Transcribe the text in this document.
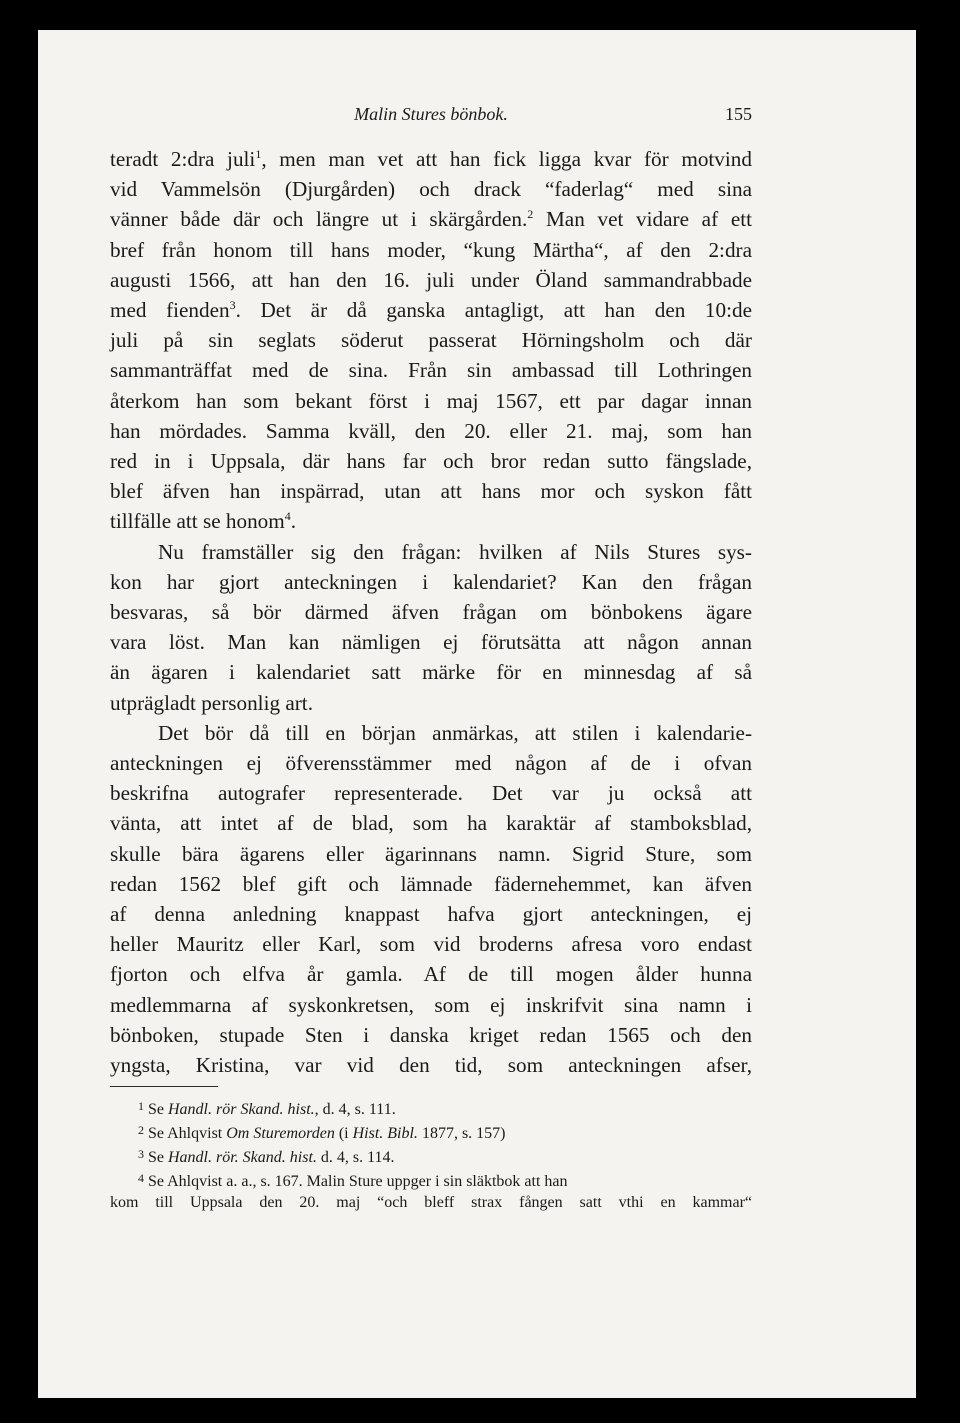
Malin Stures bönbok.	155

teradt 2:dra juli$^1$, men man vet att han fick ligga kvar för motvind
vid Vammelsön (Djurgården) och drack “faderlag“ med sina
vänner både där och längre ut i skärgården.$^2$ Man vet vidare af ett
bref från honom till hans moder, “kung Märtha“, af den 2:dra
augusti 1566, att han den 16. juli under Öland sammandrabbade
med fienden$^3$. Det är då ganska antagligt, att han den 10:de
juli på sin seglats söderut passerat Hörningsholm och där
sammanträffat med de sina. Från sin ambassad till Lothringen
återkom han som bekant först i maj 1567, ett par dagar innan
han mördades. Samma kväll, den 20. eller 21. maj, som han
red in i Uppsala, där hans far och bror redan sutto fängslade,
blef äfven han inspärrad, utan att hans mor och syskon fått
tillfälle att se honom$^4$.

Nu framställer sig den frågan: hvilken af Nils Stures sys-
kon har gjort anteckningen i kalendariet? Kan den frågan
besvaras, så bör därmed äfven frågan om bönbokens ägare
vara löst. Man kan nämligen ej förutsätta att någon annan
än ägaren i kalendariet satt märke för en minnesdag af så
utprägladt personlig art.

Det bör då till en början anmärkas, att stilen i kalendarie-
anteckningen ej öfverensstämmer med någon af de i ofvan
beskrifna autografer representerade. Det var ju också att
vänta, att intet af de blad, som ha karaktär af stamboksblad,
skulle bära ägarens eller ägarinnans namn. Sigrid Sture, som
redan 1562 blef gift och lämnade fädernehemmet, kan äfven
af denna anledning knappast hafva gjort anteckningen, ej
heller Mauritz eller Karl, som vid broderns afresa voro endast
fjorton och elfva år gamla. Af de till mogen ålder hunna
medlemmarna af syskonkretsen, som ej inskrifvit sina namn i
bönboken, stupade Sten i danska kriget redan 1565 och den
yngsta, Kristina, var vid den tid, som anteckningen afser,

1 Se Handl. rör Skand. hist., d. 4, s. 111.
2 Se Ahlqvist Om Sturemorden (i Hist. Bibl. 1877, s. 157)
3 Se Handl. rör. Skand. hist. d. 4, s. 114.
4 Se Ahlqvist a. a., s. 167. Malin Sture uppger i sin släktbok att han
kom till Uppsala den 20. maj “och bleff strax fången satt vthi en kammar“
